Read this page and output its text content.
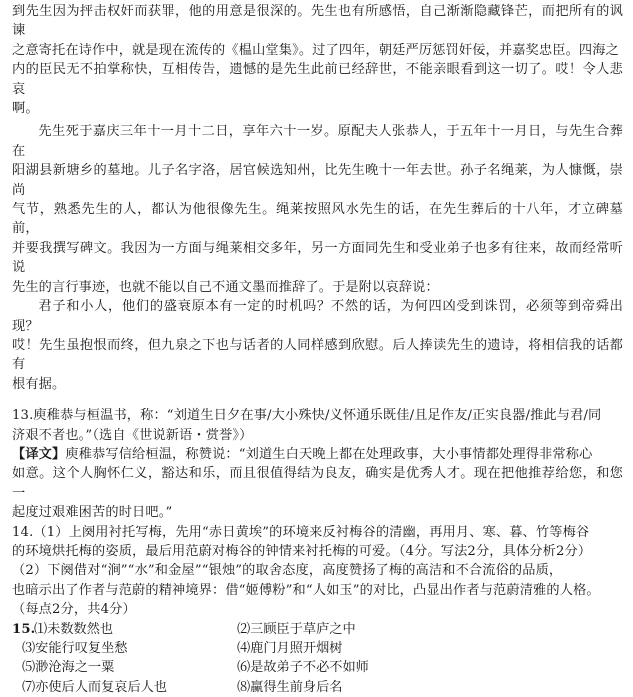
到先生因为抨击权奸而获罪，他的用意是很深的。先生也有所感悟，自己渐渐隐藏锋芒，而把所有的讽谏

之意寄托在诗作中，就是现在流传的《榅山堂集》。过了四年，朝廷严厉惩罚奸佞，并嘉奖忠臣。四海之

内的臣民无不拍掌称快，互相传告，遗憾的是先生此前已经辞世，不能亲眼看到这一切了。哎！令人悲哀

啊。

先生死于嘉庆三年十一月十二日，享年六十一岁。原配夫人张恭人，于五年十一月日，与先生合葬在

阳湖县新塘乡的墓地。儿子名字洛，居官候选知州，比先生晚十一年去世。孙子名绳莱，为人慷慨，崇尚

气节，熟悉先生的人，都认为他很像先生。绳莱按照风水先生的话，在先生葬后的十八年，才立碑墓前，

并要我撰写碑文。我因为一方面与绳莱相交多年，另一方面同先生和受业弟子也多有往来，故而经常听说

先生的言行事迹，也就不能以自己不通文墨而推辞了。于是附以哀辞说：

君子和小人，他们的盛衰原本有一定的时机吗？不然的话，为何四凶受到诛罚，必须等到帝舜出现？

哎！先生虽抱恨而终，但九泉之下也与话者的人同样感到欣慰。后人捧读先生的遗诗，将相信我的话都有

根有据。

13.庾稚恭与桓温书，称：“刘道生日夕在事/大小殊快/义怀通乐既佳/且足作友/正实良器/推此与君/同

济艰不者也。”（选自《世说新语・赏誉》）

【译文】庾稚恭写信给桓温，称赞说：“刘道生白天晚上都在处理政事，大小事情都处理得非常称心

如意。这个人胸怀仁义，豁达和乐，而且很值得结为良友，确实是优秀人才。现在把他推荐给您，和您一

起度过艰难困苦的时日吧。”

14.（1）上阕用衬托写梅，先用“赤日黄埃”的环境来反衬梅谷的清幽，再用月、寒、暮、竹等梅谷

的环境烘托梅的姿质，最后用范蔚对梅谷的钟情来衬托梅的可爱。（4分。写法2分，具体分析2分）

（2）下阕借对“涧”“水”和金屋”“银烛”的取舍态度，高度赞扬了梅的高洁和不合流俗的品质，

也暗示出了作者与范蔚的精神境界：借“姬傅粉”和“人如玉”的对比，凸显出作者与范蔚清雅的人格。

（每点2分，共4分）

15.

⑴未数数然也	⑵三顾臣于草庐之中
⑶安能行叹复坐愁	⑷鹿门月照开烟树
⑸渺沧海之一粟	⑹是故弟子不必不如师
⑺亦使后人而复哀后人也	⑻赢得生前身后名
